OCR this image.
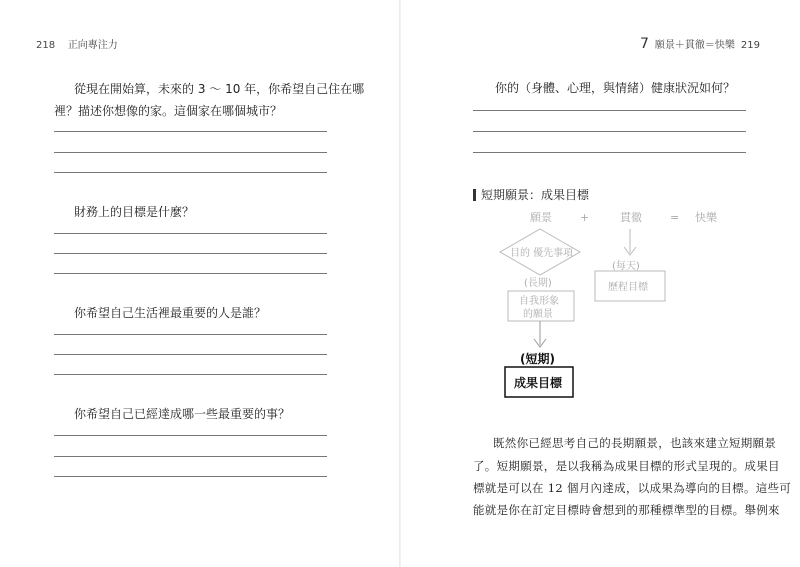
218 正向專注力
從現在開始算，未來的 3 ～ 10 年，你希望自己住在哪
裡？描述你想像的家。這個家在哪個城市？
財務上的目標是什麼？
你希望自己生活裡最重要的人是誰？
你希望自己已經達成哪一些最重要的事？
7 願景＋貫徹＝快樂 219
你的（身體、心理，與情緒）健康狀況如何？
短期願景：成果目標
願景	+	貫徹	= 快樂
目的 優先事項
(長期)
自我形象
的願景
(每天)
歷程目標
(短期)
成果目標
既然你已經思考自己的長期願景，也該來建立短期願景
了。短期願景，是以我稱為成果目標的形式呈現的。成果目
標就是可以在 12 個月內達成，以成果為導向的目標。這些可
能就是你在訂定目標時會想到的那種標準型的目標。舉例來
